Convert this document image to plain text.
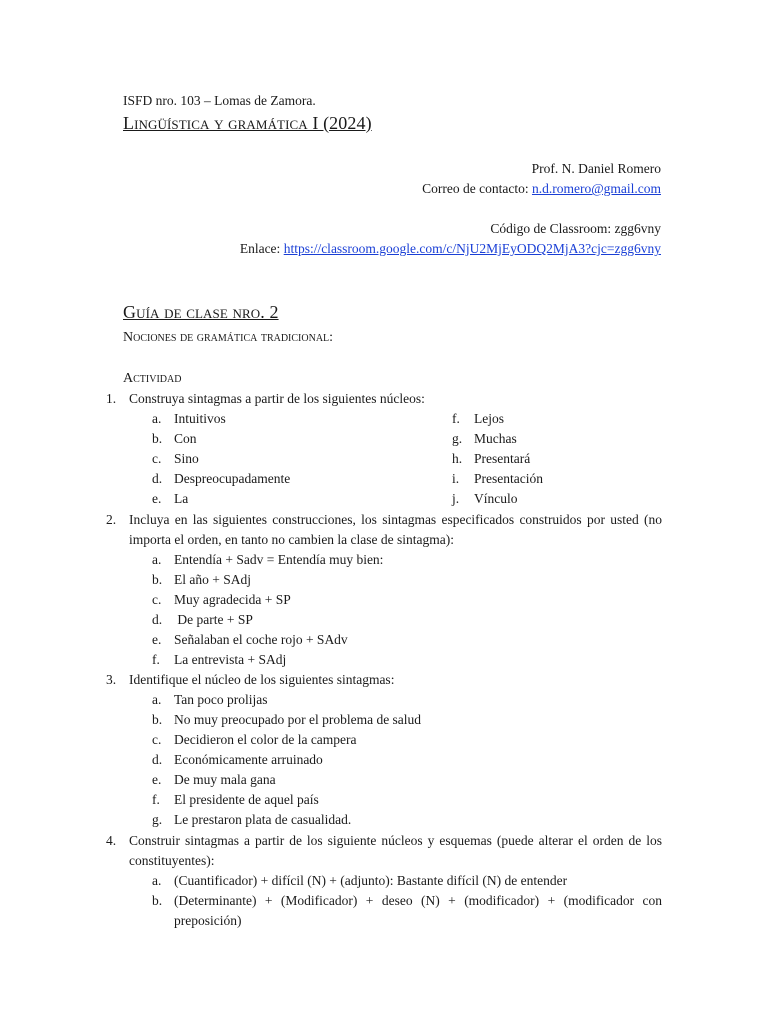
ISFD nro. 103 – Lomas de Zamora.
Lingüística y gramática I (2024)
Prof. N. Daniel Romero
Correo de contacto: n.d.romero@gmail.com
Código de Classroom: zgg6vny
Enlace: https://classroom.google.com/c/NjU2MjEyODQ2MjA3?cjc=zgg6vny
Guía de clase nro. 2
Nociones de gramática tradicional:
Actividad
1. Construya sintagmas a partir de los siguientes núcleos:
a. Intuitivos
b. Con
c. Sino
d. Despreocupadamente
e. La
f. Lejos
g. Muchas
h. Presentará
i. Presentación
j. Vínculo
2. Incluya en las siguientes construcciones, los sintagmas especificados construidos por usted (no importa el orden, en tanto no cambien la clase de sintagma):
a. Entendía + Sadv = Entendía muy bien:
b. El año + SAdj
c. Muy agradecida + SP
d. De parte + SP
e. Señalaban el coche rojo + SAdv
f. La entrevista + SAdj
3. Identifique el núcleo de los siguientes sintagmas:
a. Tan poco prolijas
b. No muy preocupado por el problema de salud
c. Decidieron el color de la campera
d. Económicamente arruinado
e. De muy mala gana
f. El presidente de aquel país
g. Le prestaron plata de casualidad.
4. Construir sintagmas a partir de los siguiente núcleos y esquemas (puede alterar el orden de los constituyentes):
a. (Cuantificador) + difícil (N) + (adjunto): Bastante difícil (N) de entender
b. (Determinante) + (Modificador) + deseo (N) + (modificador) + (modificador con preposición)
